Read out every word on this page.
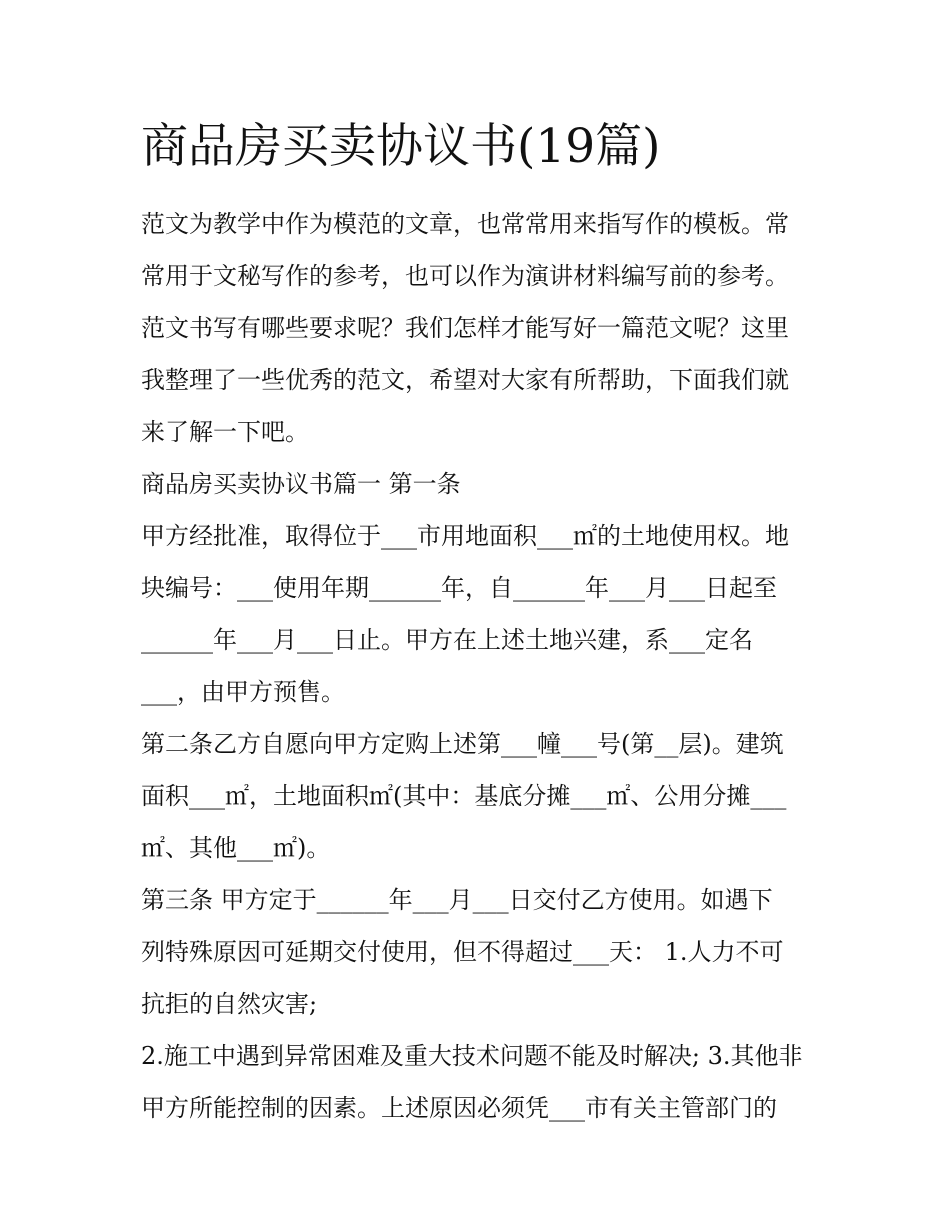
商品房买卖协议书(19篇)
范文为教学中作为模范的文章，也常常用来指写作的模板。常
常用于文秘写作的参考，也可以作为演讲材料编写前的参考。
范文书写有哪些要求呢？我们怎样才能写好一篇范文呢？这里
我整理了一些优秀的范文，希望对大家有所帮助，下面我们就
来了解一下吧。
商品房买卖协议书篇一 第一条
甲方经批准，取得位于___市用地面积___㎡的土地使用权。地
块编号：___使用年期______年，自______年___月___日起至
______年___月___日止。甲方在上述土地兴建，系___定名
___，由甲方预售。
第二条乙方自愿向甲方定购上述第___幢___号(第__层)。建筑
面积___㎡，土地面积㎡(其中：基底分摊___㎡、公用分摊___
㎡、其他___㎡)。
第三条 甲方定于______年___月___日交付乙方使用。如遇下
列特殊原因可延期交付使用，但不得超过___天： 1.人力不可
抗拒的自然灾害;
2.施工中遇到异常困难及重大技术问题不能及时解决; 3.其他非
甲方所能控制的因素。上述原因必须凭___市有关主管部门的
